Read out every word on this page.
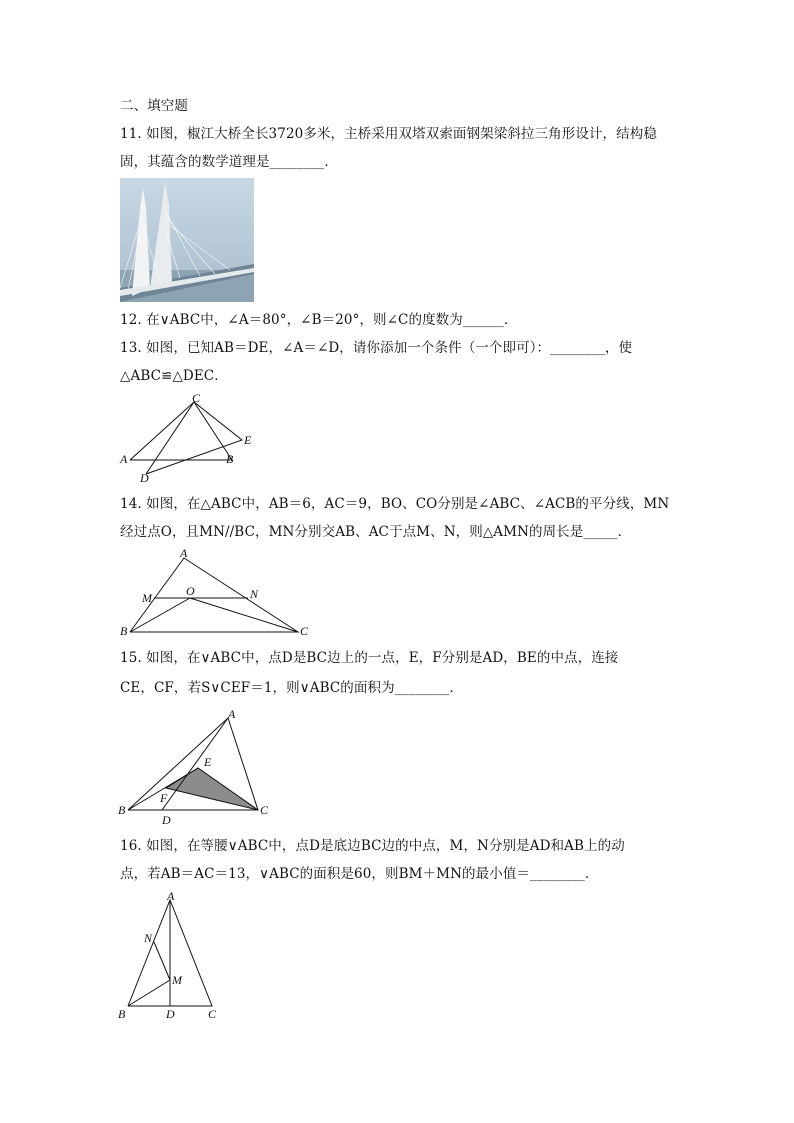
二、填空题
11. 如图，椒江大桥全长3720多米，主桥采用双塔双索面钢架梁斜拉三角形设计，结构稳
固，其蕴含的数学道理是________．
12. 在∨ABC中，∠A＝80°，∠B＝20°，则∠C的度数为______．
13. 如图，已知AB＝DE，∠A＝∠D，请你添加一个条件（一个即可）：________，使
△ABC≌△DEC．
C
A	B
D
E
14. 如图，在△ABC中，AB＝6，AC＝9，BO、CO分别是∠ABC、∠ACB的平分线，MN
经过点O，且MN//BC，MN分别交AB、AC于点M、N，则△AMN的周长是_____．
A
B	C
M	N
O
15. 如图，在∨ABC中，点D是BC边上的一点，E，F分别是AD，BE的中点，连接
CE，CF，若S∨CEF＝1，则∨ABC的面积为________．
A
B	C
D
E
F
16. 如图，在等腰∨ABC中，点D是底边BC边的中点，M，N分别是AD和AB上的动
点，若AB＝AC＝13，∨ABC的面积是60，则BM＋MN的最小值＝________．
A
B	D	C
N
M
